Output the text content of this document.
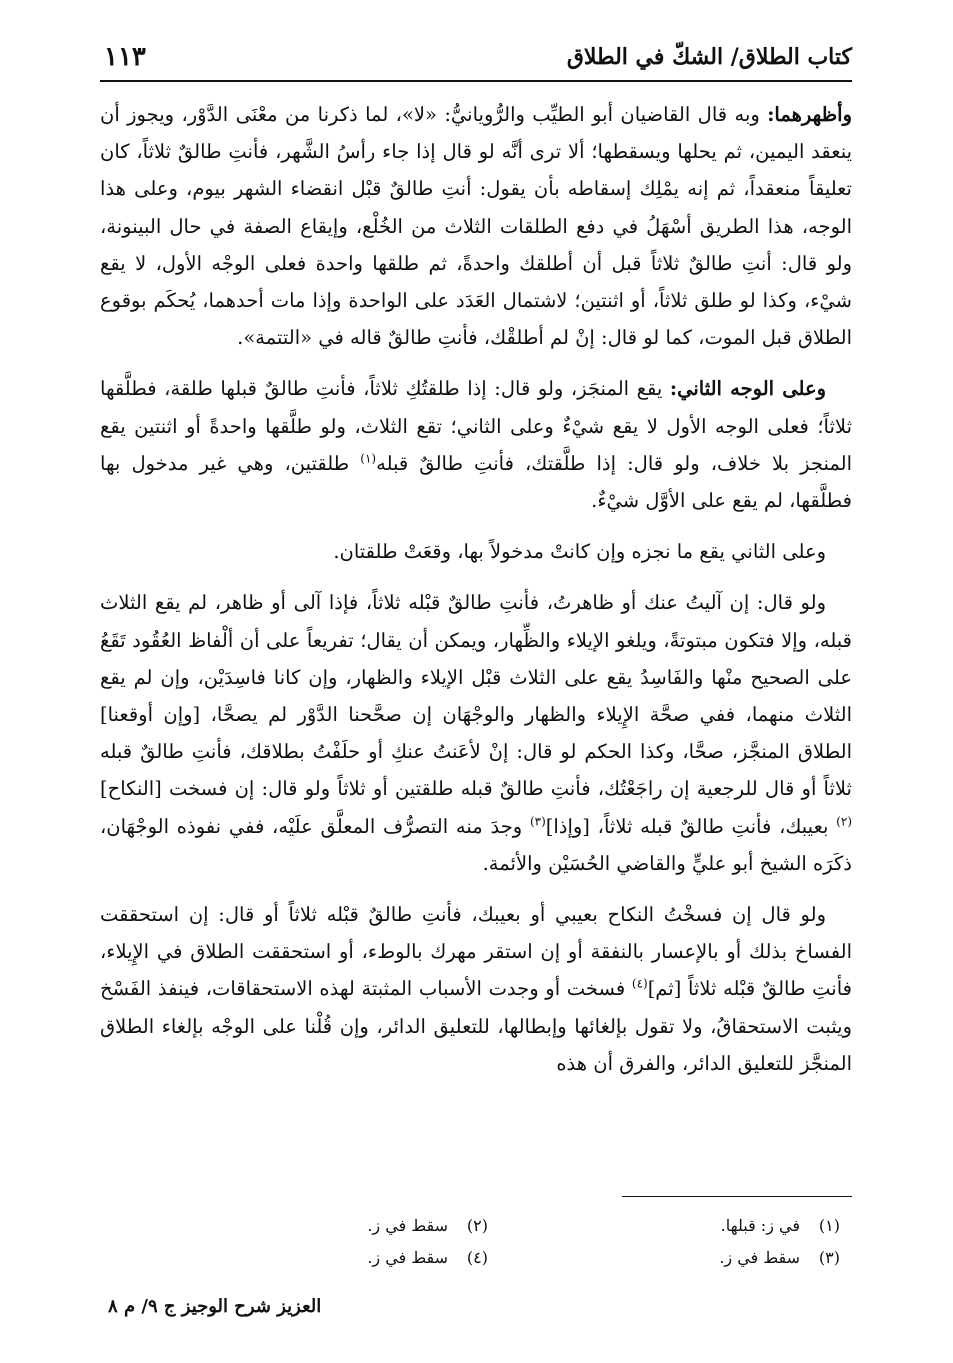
كتاب الطلاق/ الشكّ في الطلاق
١١٣

وأظهرهما: وبه قال القاضيان أبو الطيِّب والرُّويانيُّ: «لا»، لما ذكرنا من معْنَى الدَّوْر، ويجوز أن ينعقد اليمين، ثم يحلها ويسقطها؛ ألا ترى أنَّه لو قال إذا جاء رأسُ الشَّهر، فأنتِ طالقٌ ثلاثاً، كان تعليقاً منعقداً، ثم إنه يمْلِك إسقاطه بأن يقول: أنتِ طالقٌ قبْل انقضاء الشهر بيوم، وعلى هذا الوجه، هذا الطريق أسْهَلُ في دفع الطلقات الثلاث من الخُلْع، وإيقاع الصفة في حال البينونة، ولو قال: أنتِ طالقٌ ثلاثاً قبل أن أطلقك واحدةً، ثم طلقها واحدة فعلى الوجْه الأول، لا يقع شيْء، وكذا لو طلق ثلاثاً، أو اثنتين؛ لاشتمال العَدَد على الواحدة وإذا مات أحدهما، يُحكَم بوقوع الطلاق قبل الموت، كما لو قال: إنْ لم أطلقْك، فأنتِ طالقٌ قاله في «التتمة».

وعلى الوجه الثاني: يقع المنجَز، ولو قال: إذا طلقتُكِ ثلاثاً، فأنتِ طالقٌ قبلها طلقة، فطلَّقها ثلاثاً؛ فعلى الوجه الأول لا يقع شيْءٌ وعلى الثاني؛ تقع الثلاث، ولو طلَّقها واحدةً أو اثنتين يقع المنجز بلا خلاف، ولو قال: إذا طلَّقتك، فأنتِ طالقٌ قبله$^{(١)}$ طلقتين، وهي غير مدخول بها فطلَّقها، لم يقع على الأوَّل شيْءٌ.

وعلى الثاني يقع ما نجزه وإن كانتْ مدخولاً بها، وقعَتْ طلقتان.

ولو قال: إن آليتُ عنك أو ظاهرتُ، فأنتِ طالقٌ قبْله ثلاثاً، فإذا آلى أو ظاهر، لم يقع الثلاث قبله، وإلا فتكون مبتوتةً، ويلغو الإيلاء والظِّهار، ويمكن أن يقال؛ تفريعاً على أن ألْفاظ العُقُود تَقَعُ على الصحيح منْها والفَاسِدُ يقع على الثلاث قبْل الإيلاء والظهار، وإن كانا فاسِدَيْن، وإن لم يقع الثلاث منهما، ففي صحَّة الإِيلاء والظهار والوجْهَان إن صحَّحنا الدَّوْر لم يصحَّا، [وإن أوقعنا] الطلاق المنجَّز، صحَّا، وكذا الحكم لو قال: إنْ لأعَنتُ عنكِ أو حلَفْتُ بطلاقك، فأنتِ طالقٌ قبله ثلاثاً أو قال للرجعية إن راجَعْتُك، فأنتِ طالقٌ قبله طلقتين أو ثلاثاً ولو قال: إن فسخت [النكاح]$^{(٢)}$ بعيبك، فأنتِ طالقٌ قبله ثلاثاً، [وإذا]$^{(٣)}$ وجدَ منه التصرُّف المعلَّق علَيْه، ففي نفوذه الوجْهَان، ذكَرَه الشيخ أبو عليٍّ والقاضي الحُسَيْن والأئمة.

ولو قال إن فسخْتُ النكاح بعيبي أو بعيبك، فأنتِ طالقٌ قبْله ثلاثاً أو قال: إن استحققت الفساخ بذلك أو بالإعسار بالنفقة أو إن استقر مهرك بالوطء، أو استحققت الطلاق في الإِيلاء، فأنتِ طالقٌ قبْله ثلاثاً [ثم]$^{(٤)}$ فسخت أو وجدت الأسباب المثبتة لهذه الاستحقاقات، فينفذ الفَسْخ ويثبت الاستحقاقُ، ولا تقول بإلغائها وإبطالها، للتعليق الدائر، وإن قُلْنا على الوجْه بإلغاء الطلاق المنجَّز للتعليق الدائر، والفرق أن هذه

(١)في ز: قبلها.
(٢)سقط في ز.
(٣)سقط في ز.
(٤)سقط في ز.
العزيز شرح الوجيز ج ٩/ م ٨
